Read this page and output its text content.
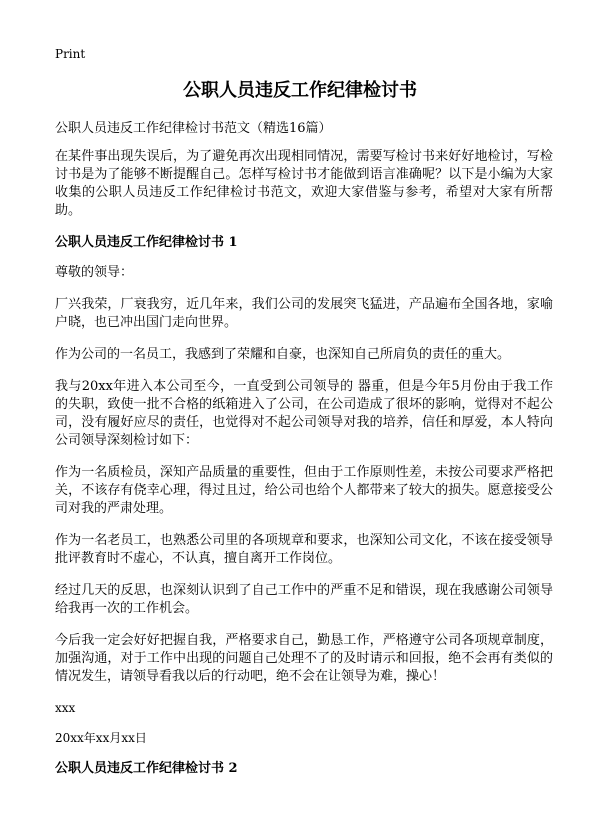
Print
公职人员违反工作纪律检讨书
公职人员违反工作纪律检讨书范文（精选16篇）

在某件事出现失误后，为了避免再次出现相同情况，需要写检讨书来好好地检讨，写检讨书是为了能够不断提醒自己。怎样写检讨书才能做到语言准确呢？以下是小编为大家收集的公职人员违反工作纪律检讨书范文，欢迎大家借鉴与参考，希望对大家有所帮助。

公职人员违反工作纪律检讨书 1

尊敬的领导：

厂兴我荣，厂衰我穷，近几年来，我们公司的发展突飞猛进，产品遍布全国各地，家喻户晓，也已冲出国门走向世界。

作为公司的一名员工，我感到了荣耀和自豪，也深知自己所肩负的责任的重大。

我与20xx年进入本公司至今，一直受到公司领导的 器重，但是今年5月份由于我工作的失职，致使一批不合格的纸箱进入了公司，在公司造成了很坏的影响，觉得对不起公司，没有履好应尽的责任，也觉得对不起公司领导对我的培养，信任和厚爱，本人特向公司领导深刻检讨如下：

作为一名质检员，深知产品质量的重要性，但由于工作原则性差，未按公司要求严格把关，不该存有侥幸心理，得过且过，给公司也给个人都带来了较大的损失。愿意接受公司对我的严肃处理。

作为一名老员工，也熟悉公司里的各项规章和要求，也深知公司文化，不该在接受领导批评教育时不虚心，不认真，擅自离开工作岗位。

经过几天的反思，也深刻认识到了自己工作中的严重不足和错误，现在我感谢公司领导给我再一次的工作机会。

今后我一定会好好把握自我，严格要求自己，勤恳工作，严格遵守公司各项规章制度，加强沟通，对于工作中出现的问题自己处理不了的及时请示和回报，绝不会再有类似的情况发生，请领导看我以后的行动吧，绝不会在让领导为难，操心！

xxx
20xx年xx月xx日
公职人员违反工作纪律检讨书 2
